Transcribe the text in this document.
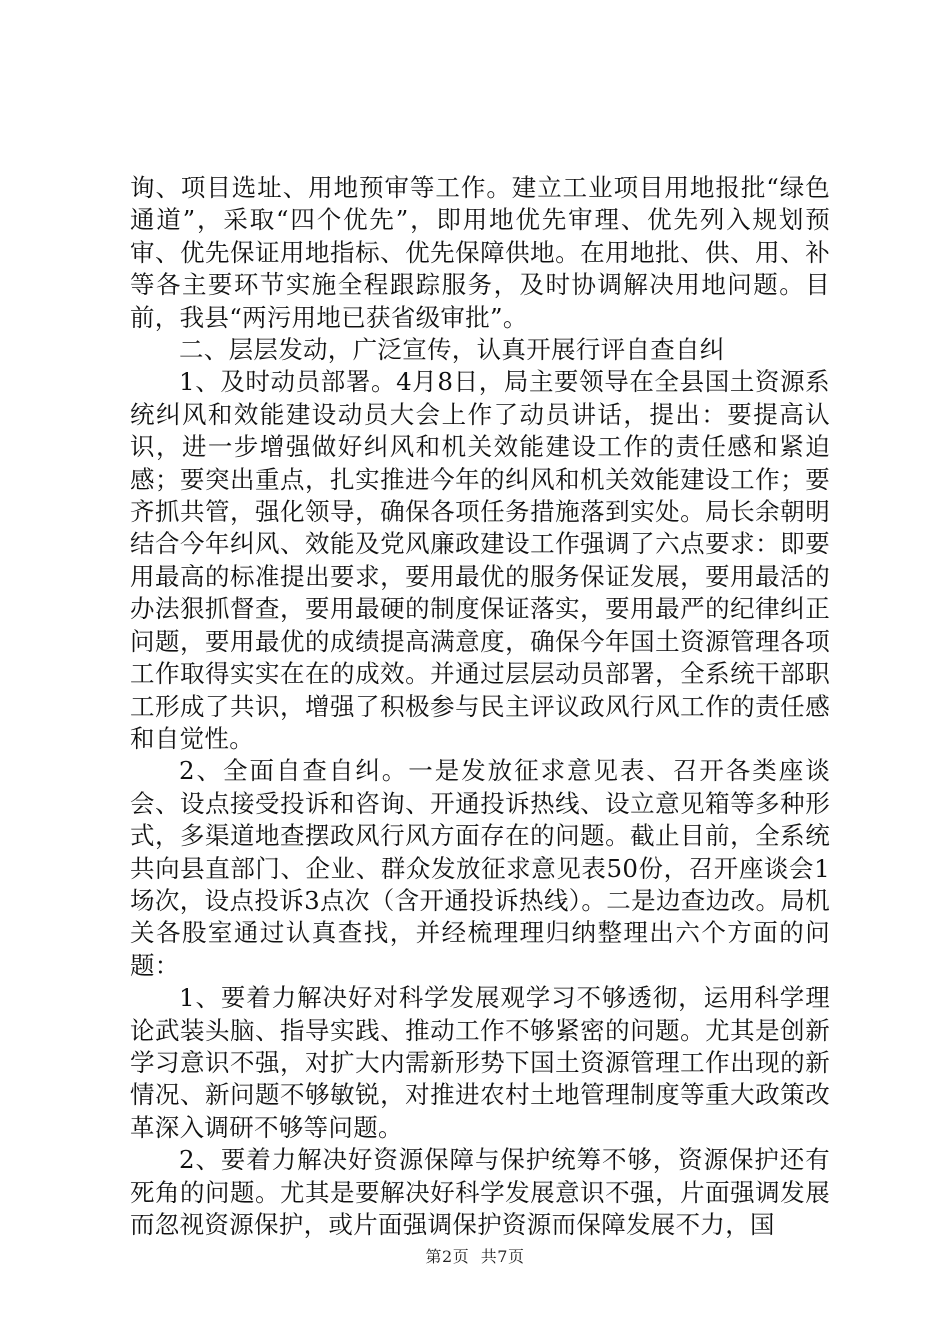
询、项目选址、用地预审等工作。建立工业项目用地报批“绿色通道”，采取“四个优先”，即用地优先审理、优先列入规划预审、优先保证用地指标、优先保障供地。在用地批、供、用、补等各主要环节实施全程跟踪服务，及时协调解决用地问题。目前，我县“两污用地已获省级审批”。

二、层层发动，广泛宣传，认真开展行评自查自纠

1、及时动员部署。4月8日，局主要领导在全县国土资源系统纠风和效能建设动员大会上作了动员讲话，提出：要提高认识，进一步增强做好纠风和机关效能建设工作的责任感和紧迫感；要突出重点，扎实推进今年的纠风和机关效能建设工作；要齐抓共管，强化领导，确保各项任务措施落到实处。局长余朝明结合今年纠风、效能及党风廉政建设工作强调了六点要求：即要用最高的标准提出要求，要用最优的服务保证发展，要用最活的办法狠抓督查，要用最硬的制度保证落实，要用最严的纪律纠正问题，要用最优的成绩提高满意度，确保今年国土资源管理各项工作取得实实在在的成效。并通过层层动员部署，全系统干部职工形成了共识，增强了积极参与民主评议政风行风工作的责任感和自觉性。

2、全面自查自纠。一是发放征求意见表、召开各类座谈会、设点接受投诉和咨询、开通投诉热线、设立意见箱等多种形式，多渠道地查摆政风行风方面存在的问题。截止目前，全系统共向县直部门、企业、群众发放征求意见表50份，召开座谈会1场次，设点投诉3点次（含开通投诉热线）。二是边查边改。局机关各股室通过认真查找，并经梳理理归纳整理出六个方面的问题：

1、要着力解决好对科学发展观学习不够透彻，运用科学理论武装头脑、指导实践、推动工作不够紧密的问题。尤其是创新学习意识不强，对扩大内需新形势下国土资源管理工作出现的新情况、新问题不够敏锐，对推进农村土地管理制度等重大政策改革深入调研不够等问题。

2、要着力解决好资源保障与保护统筹不够，资源保护还有死角的问题。尤其是要解决好科学发展意识不强，片面强调发展而忽视资源保护，或片面强调保护资源而保障发展不力，国

第2页 共7页
